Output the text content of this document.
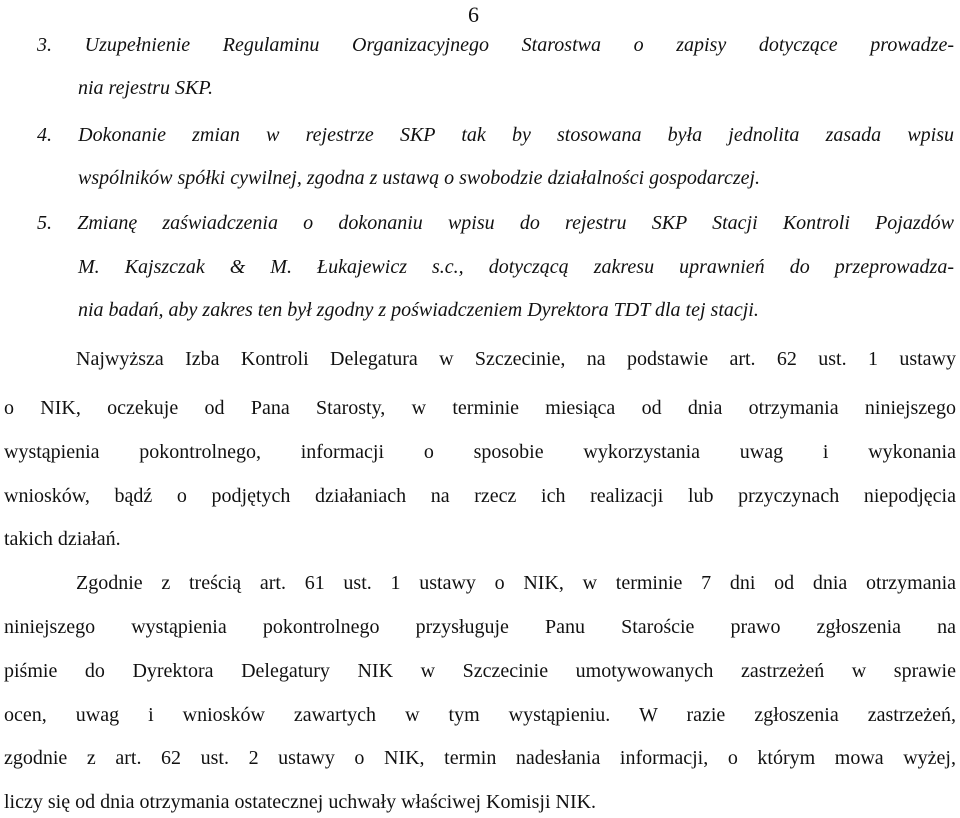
6
3. Uzupełnienie Regulaminu Organizacyjnego Starostwa o zapisy dotyczące prowadze-
nia rejestru SKP.
4. Dokonanie zmian w rejestrze SKP tak by stosowana była jednolita zasada wpisu
wspólników spółki cywilnej, zgodna z ustawą o swobodzie działalności gospodarczej.
5. Zmianę zaświadczenia o dokonaniu wpisu do rejestru SKP Stacji Kontroli Pojazdów
M. Kajszczak & M. Łukajewicz s.c., dotyczącą zakresu uprawnień do przeprowadza-
nia badań, aby zakres ten był zgodny z poświadczeniem Dyrektora TDT dla tej stacji.
Najwyższa Izba Kontroli Delegatura w Szczecinie, na podstawie art. 62 ust. 1 ustawy
o NIK, oczekuje od Pana Starosty, w terminie miesiąca od dnia otrzymania niniejszego
wystąpienia pokontrolnego, informacji o sposobie wykorzystania uwag i wykonania
wniosków, bądź o podjętych działaniach na rzecz ich realizacji lub przyczynach niepodjęcia
takich działań.
Zgodnie z treścią art. 61 ust. 1 ustawy o NIK, w terminie 7 dni od dnia otrzymania
niniejszego wystąpienia pokontrolnego przysługuje Panu Staroście prawo zgłoszenia na
piśmie do Dyrektora Delegatury NIK w Szczecinie umotywowanych zastrzeżeń w sprawie
ocen, uwag i wniosków zawartych w tym wystąpieniu. W razie zgłoszenia zastrzeżeń,
zgodnie z art. 62 ust. 2 ustawy o NIK, termin nadesłania informacji, o którym mowa wyżej,
liczy się od dnia otrzymania ostatecznej uchwały właściwej Komisji NIK.
